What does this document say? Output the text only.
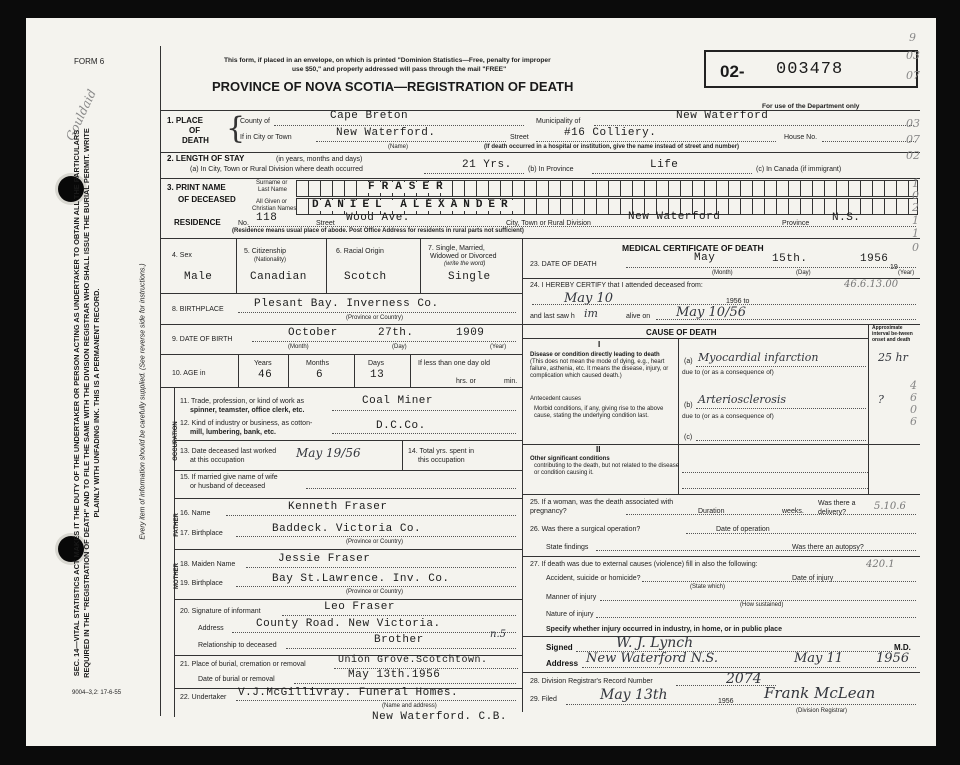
FORM 6
Gouldaid
9004–3,2: 17-6-55
SEC. 14—VITAL STATISTICS ACT MAKES IT THE DUTY OF THE UNDERTAKER OR PERSON ACTING AS UNDERTAKER TO OBTAIN ALL THE PARTICULARS REQUIRED IN THE "REGISTRATION OF DEATH" AND TO FILE THE SAME WITH THE DIVISION REGISTRAR WHO SHALL ISSUE THE BURIAL PERMIT. WRITE PLAINLY WITH UNFADING INK. THIS IS A PERMANENT RECORD.	Every item of information should be carefully supplied. (See reverse side for instructions.)
This form, if placed in an envelope, on which is printed "Dominion Statistics—Free, penalty for improper
use $50," and properly addressed will pass through the mail "FREE"
PROVINCE OF NOVA SCOTIA—REGISTRATION OF DEATH
02- 003478
For use of the Department only
1. PLACE
OF
DEATH {
County of	Cape Breton	Municipality of	New Waterford
If in City or Town	New Waterford.
(Name)
Street	#16 Colliery.	House No.
(If death occurred in a hospital or institution, give the name instead of street and number)
2. LENGTH OF STAY	(in years, months and days)
(a) In City, Town or Rural Division where death occurred	21 Yrs. (b) In Province	Life	(c) In Canada (if immigrant)
3. PRINT NAME
OF DECEASED
Surname or
Last Name	FRASER
All Given or
Christian Names DANIEL ALEXANDER
RESIDENCE No. 118	Street Wood Ave.	City, Town or Rural Division
New Waterford
Province N.S.
(Residence means usual place of abode. Post Office Address for residents in rural parts not sufficient)
4. Sex
Male
5. Citizenship
(Nationality)
Canadian
6. Racial Origin
Scotch
7. Single, Married,
Widowed or Divorced
(write the word)
Single
8. BIRTHPLACE	Plesant Bay. Inverness Co.
(Province or Country)
9. DATE OF BIRTH
October	27th.	1909
(Month)	(Day)	(Year)
10. AGE in
Years
46
Months
6
Days
13
If less than one day old
hrs. or	min.
OCCUPATION
11. Trade, profession, or kind of work as
spinner, teamster, office clerk, etc.
Coal Miner
12. Kind of industry or business, as cotton-
mill, lumbering, bank, etc.
D.C.Co.
13. Date deceased last worked
at this occupation
May 19/56	14. Total yrs. spent in
this occupation
15. If married give name of wife
or husband of deceased
FATHER 16. Name
Kenneth Fraser
17. Birthplace	Baddeck. Victoria Co.
(Province or Country)
MOTHER 18. Maiden Name	Jessie Fraser
19. Birthplace	Bay St.Lawrence. Inv. Co.
(Province or Country)
20. Signature of informant	Leo Fraser
Address	County Road. New Victoria.
Relationship to deceased	Brother	n.5
21. Place of burial, cremation or removal	Union Grove.Scotchtown.
Date of burial or removal	May 13th.1956
22. Undertaker V.J.McGillivray. Funeral Homes.
(Name and address)
New Waterford. C.B.
MEDICAL CERTIFICATE OF DEATH
23. DATE OF DEATH
May	15th.	1956
19
(Month)	(Day)	(Year)
24. I HEREBY CERTIFY that I attended deceased from:	46.6.13.00
May 10	1956 to
and last saw h im	alive on May 10/56
CAUSE OF DEATH	Approximate interval be-tween onset and death
I
Disease or condition directly leading to death
(This does not mean the mode of dying, e.g., heart failure, asthenia, etc. It means the disease, injury, or complication which caused death.)
(a) Myocardial infarction	25 hr
due to (or as a consequence of)
Antecedent causes
Morbid conditions, if any, giving rise to the above cause, stating the underlying condition last.
(b) Arteriosclerosis	?
due to (or as a consequence of)
(c)
II
Other significant conditions
contributing to the death, but not related to the disease or condition causing it.
25. If a woman, was the death associated with pregnancy?	Duration	weeks.
Was there a delivery?
5.10.6
26. Was there a surgical operation?	Date of operation
State findings	Was there an autopsy?
27. If death was due to external causes (violence) fill in also the following:	420.1
Accident, suicide or homicide?	Date of injury
(State which)
Manner of injury
(How sustained)
Nature of injury
Specify whether injury occurred in industry, in home, or in public place
Signed	W. J. Lynch	M.D.
Address New Waterford N.S.	May 11	1956
28. Division Registrar's Record Number	2074
29. Filed	May 13th	1956 Frank McLean
(Division Registrar)
9
03
07
03
07
02
1
0
2
1
1
0
4
6
0
6
